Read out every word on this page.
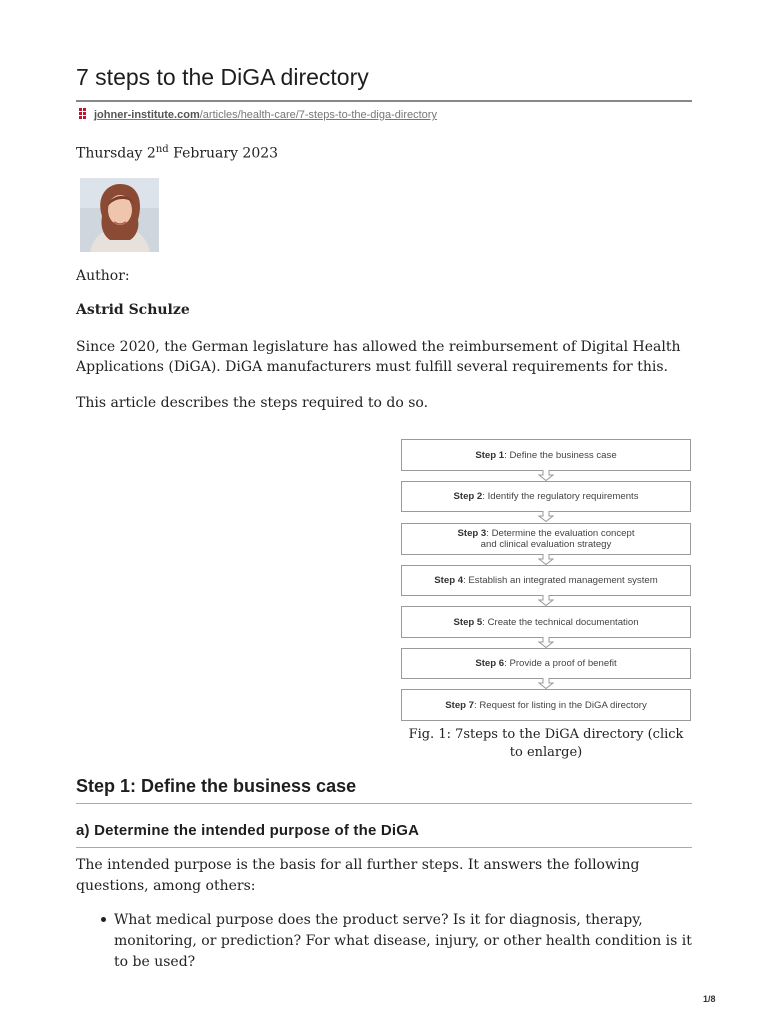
7 steps to the DiGA directory
johner-institute.com/articles/health-care/7-steps-to-the-diga-directory
Thursday 2nd February 2023

Author:

Astrid Schulze

Since 2020, the German legislature has allowed the reimbursement of Digital Health Applications (DiGA). DiGA manufacturers must fulfill several requirements for this.

This article describes the steps required to do so.

Step 1: Define the business case
Step 2: Identify the regulatory requirements
Step 3: Determine the evaluation concept
and clinical evaluation strategy
Step 4: Establish an integrated management system
Step 5: Create the technical documentation
Step 6: Provide a proof of benefit
Step 7: Request for listing in the DiGA directory
Fig. 1: 7steps to the DiGA directory (click to enlarge)
Step 1: Define the business case
a) Determine the intended purpose of the DiGA

The intended purpose is the basis for all further steps. It answers the following questions, among others:

What medical purpose does the product serve? Is it for diagnosis, therapy, monitoring, or prediction? For what disease, injury, or other health condition is it to be used?
1/8
